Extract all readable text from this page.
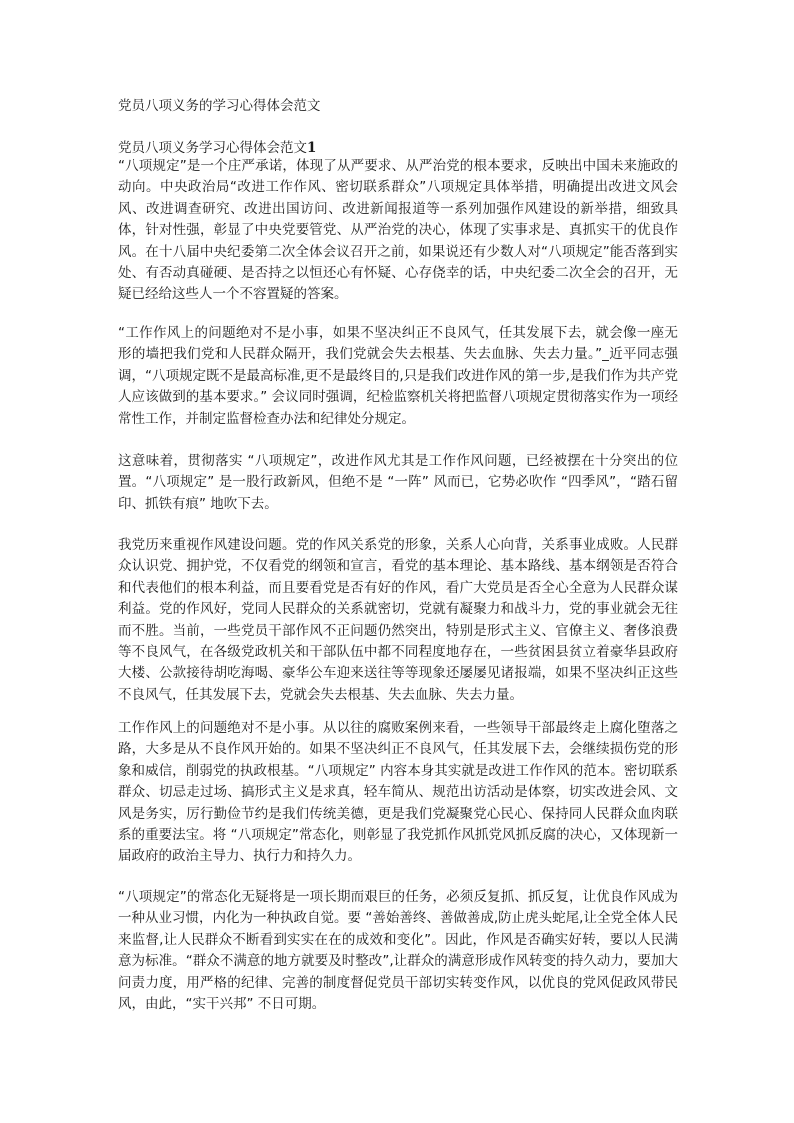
党员八项义务的学习心得体会范文
党员八项义务学习心得体会范文1

“八项规定”是一个庄严承诺，体现了从严要求、从严治党的根本要求，反映出中国未来施政的动向。中央政治局“改进工作作风、密切联系群众”八项规定具体举措，明确提出改进文风会风、改进调查研究、改进出国访问、改进新闻报道等一系列加强作风建设的新举措，细致具体，针对性强，彰显了中央党要管党、从严治党的决心，体现了实事求是、真抓实干的优良作风。在十八届中央纪委第二次全体会议召开之前，如果说还有少数人对“八项规定”能否落到实处、有否动真碰硬、是否持之以恒还心有怀疑、心存侥幸的话，中央纪委二次全会的召开，无疑已经给这些人一个不容置疑的答案。

“工作作风上的问题绝对不是小事，如果不坚决纠正不良风气，任其发展下去，就会像一座无形的墙把我们党和人民群众隔开，我们党就会失去根基、失去血脉、失去力量。”_近平同志强调，“八项规定既不是最高标准,更不是最终目的,只是我们改进作风的第一步,是我们作为共产党人应该做到的基本要求。” 会议同时强调，纪检监察机关将把监督八项规定贯彻落实作为一项经常性工作，并制定监督检查办法和纪律处分规定。

这意味着，贯彻落实 “八项规定”，改进作风尤其是工作作风问题，已经被摆在十分突出的位置。“八项规定” 是一股行政新风，但绝不是 “一阵” 风而已，它势必吹作 “四季风”，“踏石留印、抓铁有痕” 地吹下去。

我党历来重视作风建设问题。党的作风关系党的形象，关系人心向背，关系事业成败。人民群众认识党、拥护党，不仅看党的纲领和宣言，看党的基本理论、基本路线、基本纲领是否符合和代表他们的根本利益，而且要看党是否有好的作风，看广大党员是否全心全意为人民群众谋利益。党的作风好，党同人民群众的关系就密切，党就有凝聚力和战斗力，党的事业就会无往而不胜。当前，一些党员干部作风不正问题仍然突出，特别是形式主义、官僚主义、奢侈浪费等不良风气，在各级党政机关和干部队伍中都不同程度地存在，一些贫困县贫立着豪华县政府大楼、公款接待胡吃海喝、豪华公车迎来送往等等现象还屡屡见诸报端，如果不坚决纠正这些不良风气，任其发展下去，党就会失去根基、失去血脉、失去力量。

工作作风上的问题绝对不是小事。从以往的腐败案例来看，一些领导干部最终走上腐化堕落之路，大多是从不良作风开始的。如果不坚决纠正不良风气，任其发展下去，会继续损伤党的形象和威信，削弱党的执政根基。“八项规定” 内容本身其实就是改进工作作风的范本。密切联系群众、切忌走过场、搞形式主义是求真，轻车简从、规范出访活动是体察，切实改进会风、文风是务实，厉行勤俭节约是我们传统美德，更是我们党凝聚党心民心、保持同人民群众血肉联系的重要法宝。将 “八项规定”常态化，则彰显了我党抓作风抓党风抓反腐的决心，又体现新一届政府的政治主导力、执行力和持久力。

“八项规定”的常态化无疑将是一项长期而艰巨的任务，必须反复抓、抓反复，让优良作风成为一种从业习惯，内化为一种执政自觉。要 “善始善终、善做善成,防止虎头蛇尾,让全党全体人民来监督,让人民群众不断看到实实在在的成效和变化”。因此，作风是否确实好转，要以人民满意为标准。“群众不满意的地方就要及时整改”,让群众的满意形成作风转变的持久动力，要加大问责力度，用严格的纪律、完善的制度督促党员干部切实转变作风，以优良的党风促政风带民风，由此，“实干兴邦” 不日可期。
